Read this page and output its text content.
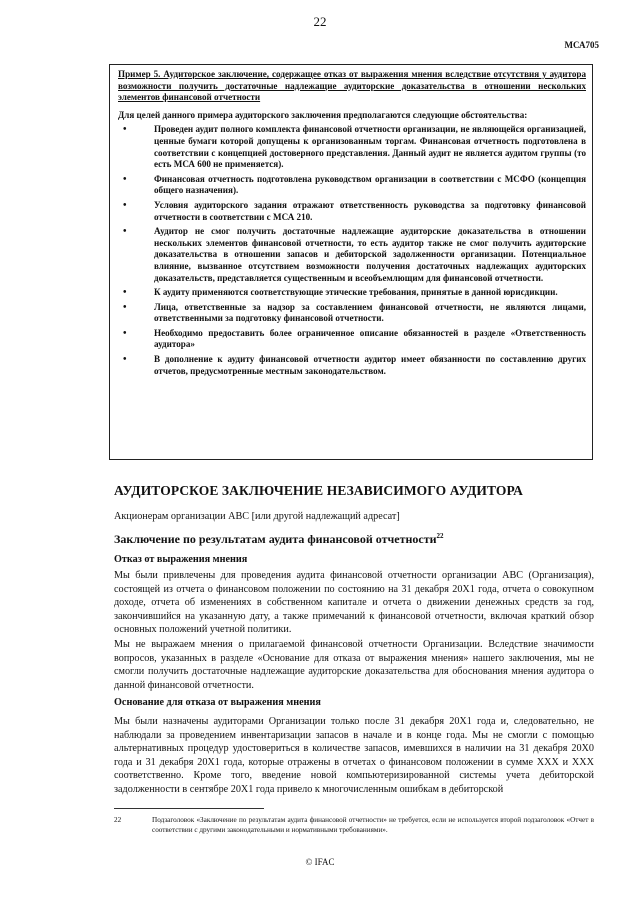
22
МСА705

Пример 5. Аудиторское заключение, содержащее отказ от выражения мнения вследствие отсутствия у аудитора возможности получить достаточные надлежащие аудиторские доказательства в отношении нескольких элементов финансовой отчетности

Для целей данного примера аудиторского заключения предполагаются следующие обстоятельства:

•	Проведен аудит полного комплекта финансовой отчетности организации, не являющейся организацией, ценные бумаги которой допущены к организованным торгам. Финансовая отчетность подготовлена в соответствии с концепцией достоверного представления. Данный аудит не является аудитом группы (то есть МСА 600 не применяется).
•	Финансовая отчетность подготовлена руководством организации в соответствии с МСФО (концепция общего назначения).
•	Условия аудиторского задания отражают ответственность руководства за подготовку финансовой отчетности в соответствии с МСА 210.
•	Аудитор не смог получить достаточные надлежащие аудиторские доказательства в отношении нескольких элементов финансовой отчетности, то есть аудитор также не смог получить аудиторские доказательства в отношении запасов и дебиторской задолженности организации. Потенциальное влияние, вызванное отсутствием возможности получения достаточных надлежащих аудиторских доказательств, представляется существенным и всеобъемлющим для финансовой отчетности.
•	К аудиту применяются соответствующие этические требования, принятые в данной юрисдикции.
•	Лица, ответственные за надзор за составлением финансовой отчетности, не являются лицами, ответственными за подготовку финансовой отчетности.
•	Необходимо предоставить более ограниченное описание обязанностей в разделе «Ответственность аудитора»
•	В дополнение к аудиту финансовой отчетности аудитор имеет обязанности по составлению других отчетов, предусмотренные местным законодательством.
АУДИТОРСКОЕ ЗАКЛЮЧЕНИЕ НЕЗАВИСИМОГО АУДИТОРА
Акционерам организации АВС [или другой надлежащий адресат]
Заключение по результатам аудита финансовой отчетности$^{22}$
Отказ от выражения мнения
Мы были привлечены для проведения аудита финансовой отчетности организации АВС (Организация), состоящей из отчета о финансовом положении по состоянию на 31 декабря 20Х1 года, отчета о совокупном доходе, отчета об изменениях в собственном капитале и отчета о движении денежных средств за год, закончившийся на указанную дату, а также примечаний к финансовой отчетности, включая краткий обзор основных положений учетной политики.
Мы не выражаем мнения о прилагаемой финансовой отчетности Организации. Вследствие значимости вопросов, указанных в разделе «Основание для отказа от выражения мнения» нашего заключения, мы не смогли получить достаточные надлежащие аудиторские доказательства для обоснования мнения аудитора о данной финансовой отчетности.
Основание для отказа от выражения мнения
Мы были назначены аудиторами Организации только после 31 декабря 20Х1 года и, следовательно, не наблюдали за проведением инвентаризации запасов в начале и в конце года. Мы не смогли с помощью альтернативных процедур удостовериться в количестве запасов, имевшихся в наличии на 31 декабря 20Х0 года и 31 декабря 20Х1 года, которые отражены в отчетах о финансовом положении в сумме ХХХ и ХХХ соответственно. Кроме того, введение новой компьютеризированной системы учета дебиторской задолженности в сентябре 20Х1 года привело к многочисленным ошибкам в дебиторской
22	Подзаголовок «Заключение по результатам аудита финансовой отчетности» не требуется, если не используется второй подзаголовок «Отчет в соответствии с другими законодательными и нормативными требованиями».
© IFAC
